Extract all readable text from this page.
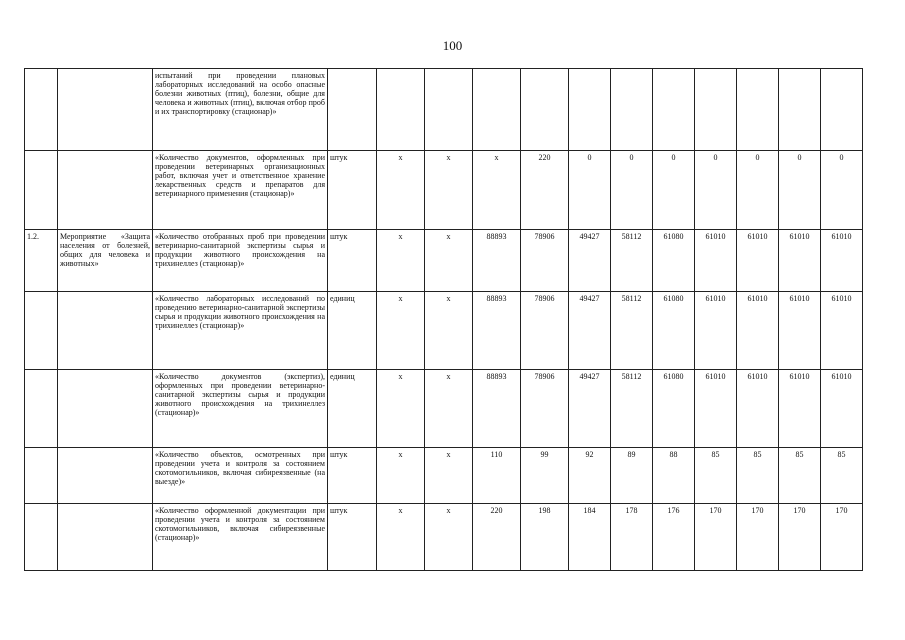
100
		испытаний при проведении плановых лабораторных исследований на особо опасные болезни животных (птиц), болезни, общие для человека и животных (птиц), включая отбор проб и их транспортировку (стационар)»												
		«Количество документов, оформленных при проведении ветеринарных организационных работ, включая учет и ответственное хранение лекарственных средств и препаратов для ветеринарного применения (стационар)»	штук	х	х	х	220	0	0	0	0	0	0	0
1.2.	Мероприятие «Защита населения от болезней, общих для человека и животных»	«Количество отобранных проб при проведении ветеринарно-санитарной экспертизы сырья и продукции животного происхождения на трихинеллез (стационар)»	штук	х	х	88893	78906	49427	58112	61080	61010	61010	61010	61010
		«Количество лабораторных исследований по проведению ветеринарно-санитарной экспертизы сырья и продукции животного происхождения на трихинеллез (стационар)»	единиц	х	х	88893	78906	49427	58112	61080	61010	61010	61010	61010
		«Количество документов (экспертиз), оформленных при проведении ветеринарно-санитарной экспертизы сырья и продукции животного происхождения на трихинеллез (стационар)»	единиц	х	х	88893	78906	49427	58112	61080	61010	61010	61010	61010
		«Количество объектов, осмотренных при проведении учета и контроля за состоянием скотомогильников, включая сибиреязвенные (на выезде)»	штук	х	х	110	99	92	89	88	85	85	85	85
		«Количество оформленной документации при проведении учета и контроля за состоянием скотомогильников, включая сибиреязвенные (стационар)»	штук	х	х	220	198	184	178	176	170	170	170	170
